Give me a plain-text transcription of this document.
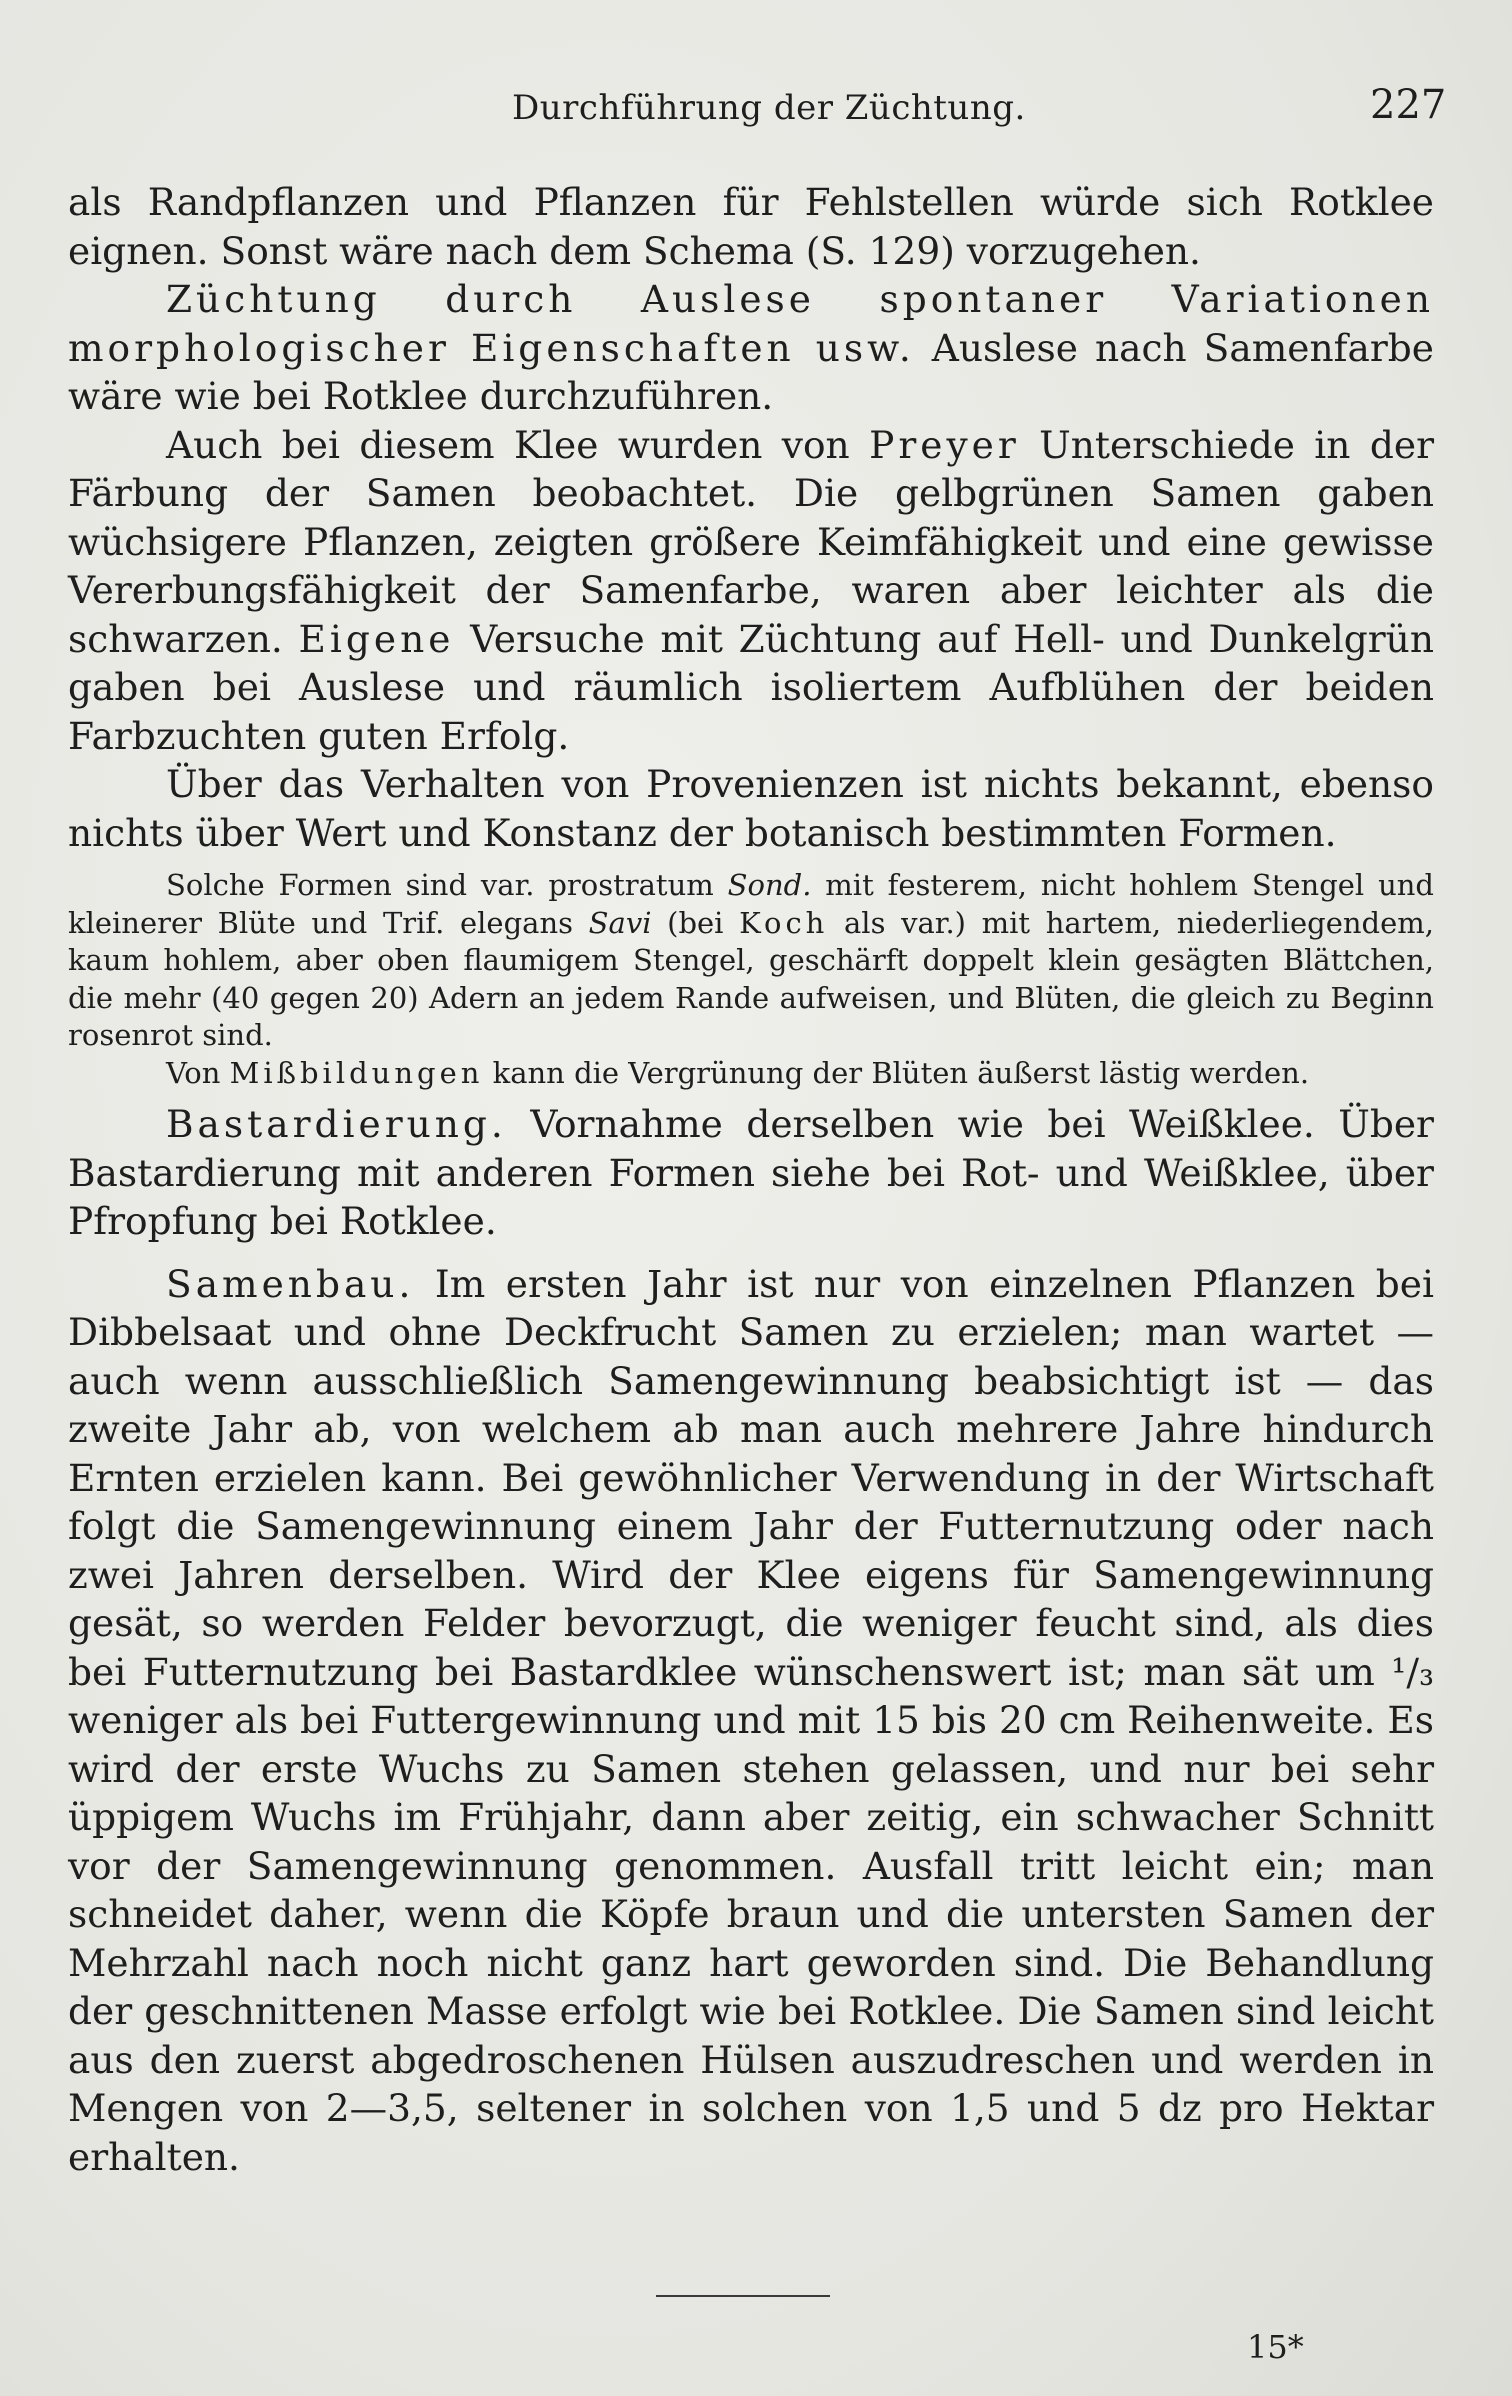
Durchführung der Züchtung.	227

als Randpflanzen und Pflanzen für Fehlstellen würde sich Rotklee eignen. Sonst wäre nach dem Schema (S. 129) vorzugehen.

Züchtung durch Auslese spontaner Variationen morphologischer Eigenschaften usw. Auslese nach Samenfarbe wäre wie bei Rotklee durchzuführen.

Auch bei diesem Klee wurden von Preyer Unterschiede in der Färbung der Samen beobachtet. Die gelbgrünen Samen gaben wüchsigere Pflanzen, zeigten größere Keimfähigkeit und eine gewisse Vererbungsfähigkeit der Samenfarbe, waren aber leichter als die schwarzen. Eigene Versuche mit Züchtung auf Hell- und Dunkelgrün gaben bei Auslese und räumlich isoliertem Aufblühen der beiden Farbzuchten guten Erfolg.

Über das Verhalten von Provenienzen ist nichts bekannt, ebenso nichts über Wert und Konstanz der botanisch bestimmten Formen.

Solche Formen sind var. prostratum Sond. mit festerem, nicht hohlem Stengel und kleinerer Blüte und Trif. elegans Savi (bei Koch als var.) mit hartem, niederliegendem, kaum hohlem, aber oben flaumigem Stengel, geschärft doppelt klein gesägten Blättchen, die mehr (40 gegen 20) Adern an jedem Rande aufweisen, und Blüten, die gleich zu Beginn rosenrot sind.

Von Mißbildungen kann die Vergrünung der Blüten äußerst lästig werden.

Bastardierung. Vornahme derselben wie bei Weißklee. Über Bastardierung mit anderen Formen siehe bei Rot- und Weißklee, über Pfropfung bei Rotklee.

Samenbau. Im ersten Jahr ist nur von einzelnen Pflanzen bei Dibbelsaat und ohne Deckfrucht Samen zu erzielen; man wartet — auch wenn ausschließlich Samengewinnung beabsichtigt ist — das zweite Jahr ab, von welchem ab man auch mehrere Jahre hindurch Ernten erzielen kann. Bei gewöhnlicher Verwendung in der Wirtschaft folgt die Samengewinnung einem Jahr der Futternutzung oder nach zwei Jahren derselben. Wird der Klee eigens für Samengewinnung gesät, so werden Felder bevorzugt, die weniger feucht sind, als dies bei Futternutzung bei Bastardklee wünschenswert ist; man sät um ¹/₃ weniger als bei Futtergewinnung und mit 15 bis 20 cm Reihenweite. Es wird der erste Wuchs zu Samen stehen gelassen, und nur bei sehr üppigem Wuchs im Frühjahr, dann aber zeitig, ein schwacher Schnitt vor der Samengewinnung genommen. Ausfall tritt leicht ein; man schneidet daher, wenn die Köpfe braun und die untersten Samen der Mehrzahl nach noch nicht ganz hart geworden sind. Die Behandlung der geschnittenen Masse erfolgt wie bei Rotklee. Die Samen sind leicht aus den zuerst abgedroschenen Hülsen auszudreschen und werden in Mengen von 2—3,5, seltener in solchen von 1,5 und 5 dz pro Hektar erhalten.

15*
